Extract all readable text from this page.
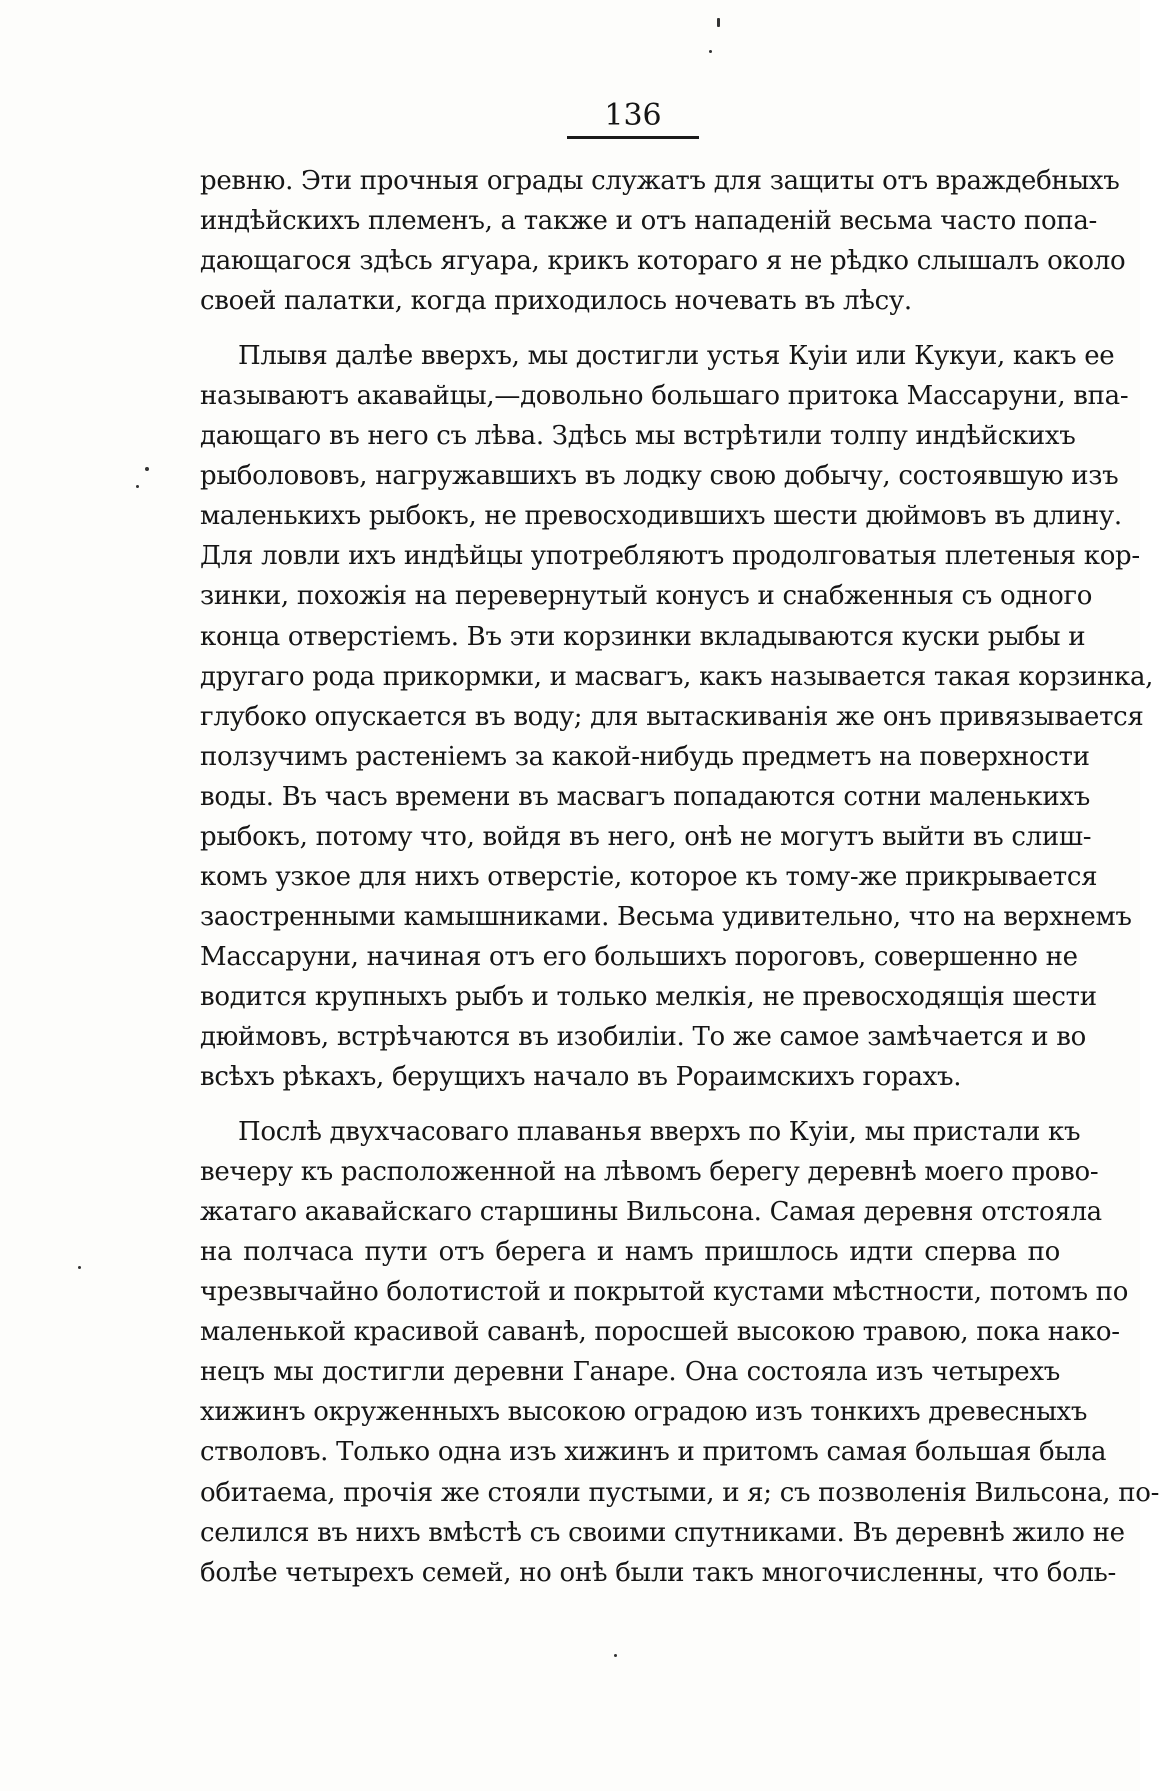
136
ревню. Эти прочныя ограды служатъ для защиты отъ враждебныхъ
индѣйскихъ племенъ, а также и отъ нападеній весьма часто попа-
дающагося здѣсь ягуара, крикъ котораго я не рѣдко слышалъ около
своей палатки, когда приходилось ночевать въ лѣсу.
Плывя далѣе вверхъ, мы достигли устья Куіи или Кукуи, какъ ее
называютъ акавайцы,—довольно большаго притока Массаруни, впа-
дающаго въ него съ лѣва. Здѣсь мы встрѣтили толпу индѣйскихъ
рыболововъ, нагружавшихъ въ лодку свою добычу, состоявшую изъ
маленькихъ рыбокъ, не превосходившихъ шести дюймовъ въ длину.
Для ловли ихъ индѣйцы употребляютъ продолговатыя плетеныя кор-
зинки, похожія на перевернутый конусъ и снабженныя съ одного
конца отверстіемъ. Въ эти корзинки вкладываются куски рыбы и
другаго рода прикормки, и масвагъ, какъ называется такая корзинка,
глубоко опускается въ воду; для вытаскиванія же онъ привязывается
ползучимъ растеніемъ за какой-нибудь предметъ на поверхности
воды. Въ часъ времени въ масвагъ попадаются сотни маленькихъ
рыбокъ, потому что, войдя въ него, онѣ не могутъ выйти въ слиш-
комъ узкое для нихъ отверстіе, которое къ тому-же прикрывается
заостренными камышниками. Весьма удивительно, что на верхнемъ
Массаруни, начиная отъ его большихъ пороговъ, совершенно не
водится крупныхъ рыбъ и только мелкія, не превосходящія шести
дюймовъ, встрѣчаются въ изобиліи. То же самое замѣчается и во
всѣхъ рѣкахъ, берущихъ начало въ Рораимскихъ горахъ.
Послѣ двухчасоваго плаванья вверхъ по Куіи, мы пристали къ
вечеру къ расположенной на лѣвомъ берегу деревнѣ моего прово-
жатаго акавайскаго старшины Вильсона. Самая деревня отстояла
на полчаса пути отъ берега и намъ пришлось идти сперва по
чрезвычайно болотистой и покрытой кустами мѣстности, потомъ по
маленькой красивой саванѣ, поросшей высокою травою, пока нако-
нецъ мы достигли деревни Ганаре. Она состояла изъ четырехъ
хижинъ окруженныхъ высокою оградою изъ тонкихъ древесныхъ
стволовъ. Только одна изъ хижинъ и притомъ самая большая была
обитаема, прочія же стояли пустыми, и я; съ позволенія Вильсона, по-
селился въ нихъ вмѣстѣ съ своими спутниками. Въ деревнѣ жило не
болѣе четырехъ семей, но онѣ были такъ многочисленны, что боль-
